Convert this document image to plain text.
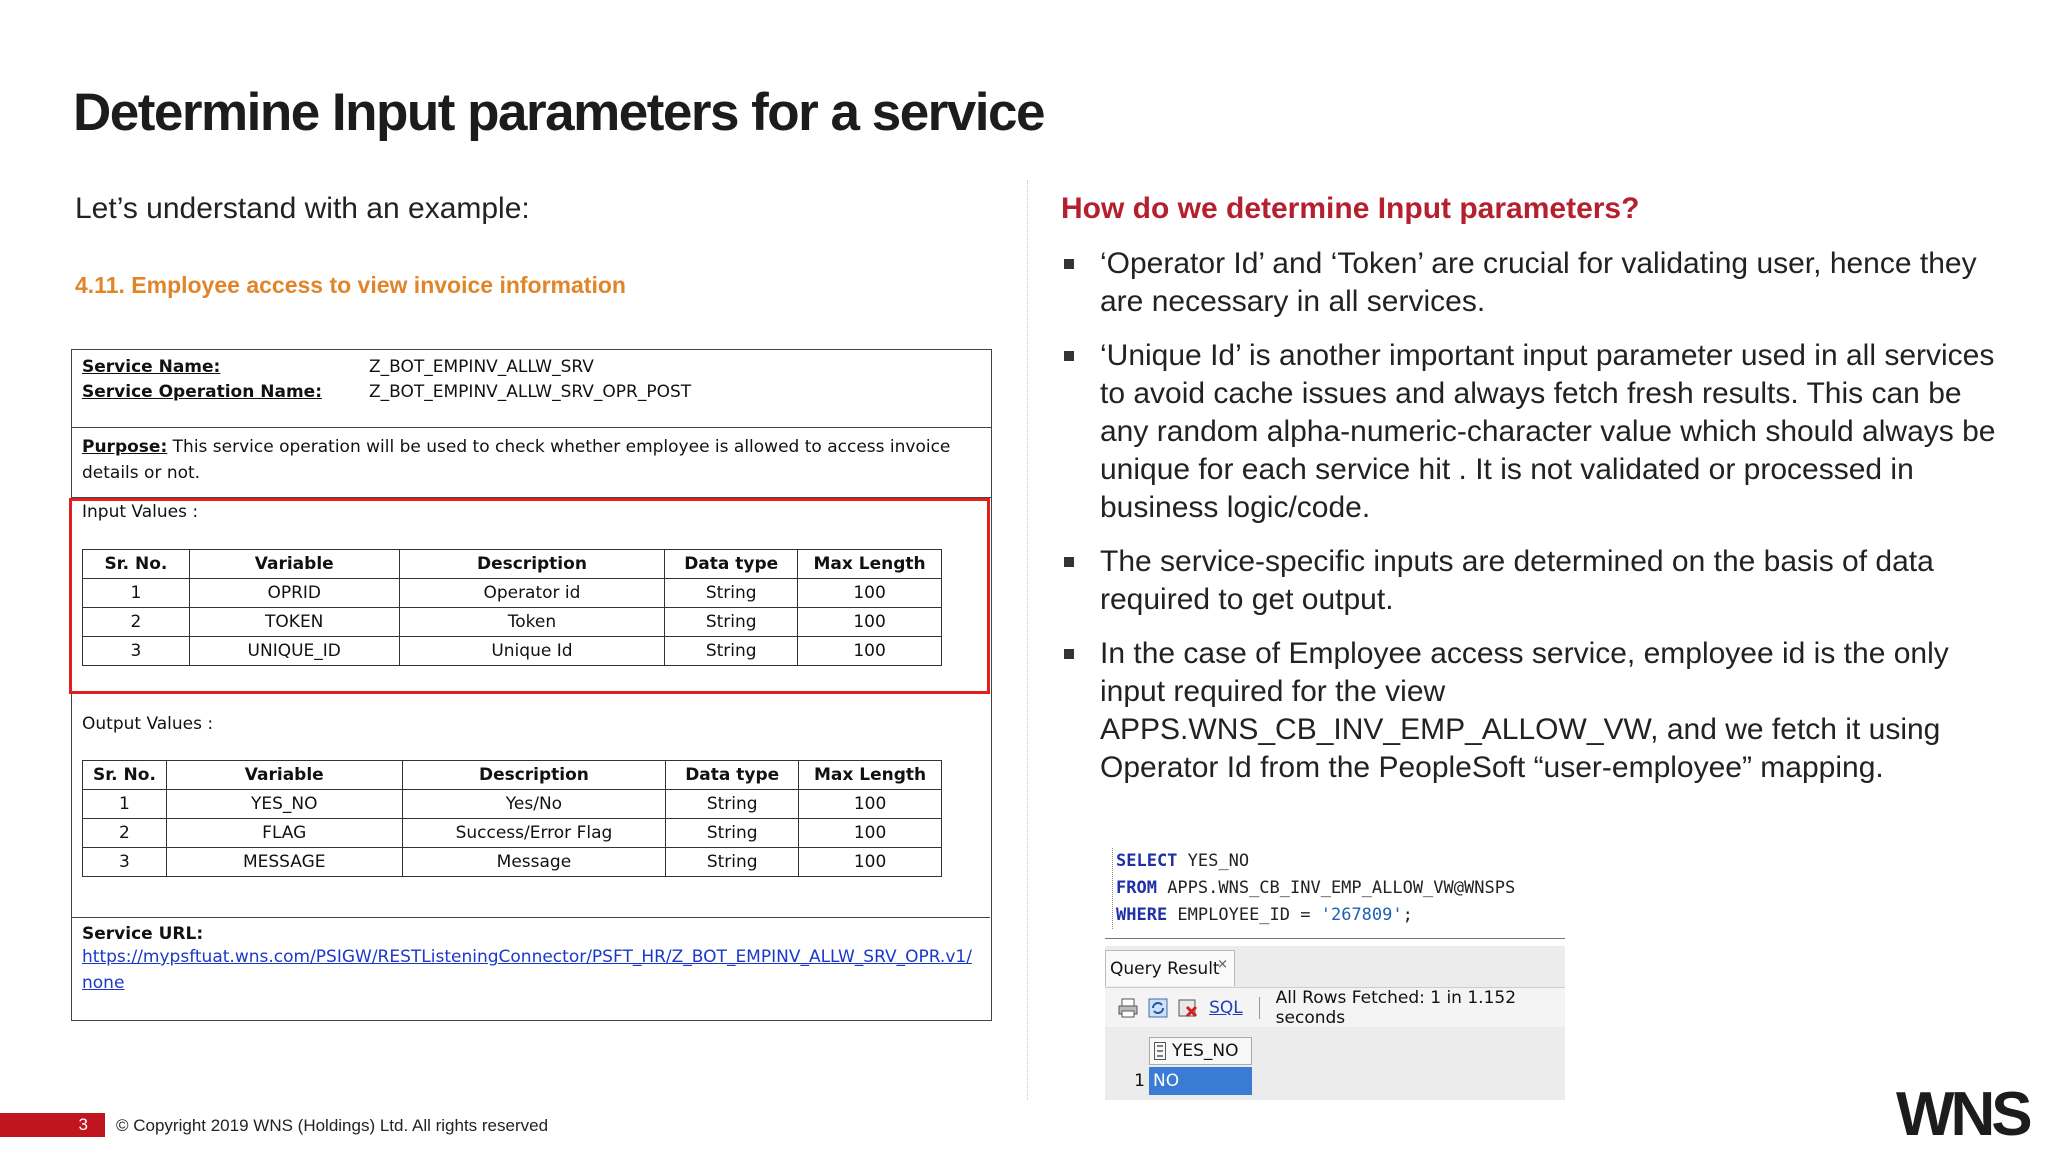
Determine Input parameters for a service
Let’s understand with an example:
4.11. Employee access to view invoice information
Service Name:	Z_BOT_EMPINV_ALLW_SRV
Service Operation Name:	Z_BOT_EMPINV_ALLW_SRV_OPR_POST
Purpose: This service operation will be used to check whether employee is allowed to access invoice details or not.
Input Values :
Sr. No.	Variable	Description	Data type	Max Length
1	OPRID	Operator id	String	100
2	TOKEN	Token	String	100
3	UNIQUE_ID	Unique Id	String	100
Output Values :
Sr. No.	Variable	Description	Data type	Max Length
1	YES_NO	Yes/No	String	100
2	FLAG	Success/Error Flag	String	100
3	MESSAGE	Message	String	100
Service URL:
https://mypsftuat.wns.com/PSIGW/RESTListeningConnector/PSFT_HR/Z_BOT_EMPINV_ALLW_SRV_OPR.v1/none
How do we determine Input parameters?
‘Operator Id’ and ‘Token’ are crucial for validating user, hence they are necessary in all services.
‘Unique Id’ is another important input parameter used in all services to avoid cache issues and always fetch fresh results. This can be any random alpha-numeric-character value which should always be unique for each service hit . It is not validated or processed in business logic/code.
The service-specific inputs are determined on the basis of data required to get output.
In the case of Employee access service, employee id is the only input required for the view APPS.WNS_CB_INV_EMP_ALLOW_VW, and we fetch it using Operator Id from the PeopleSoft “user-employee” mapping.
SELECT YES_NO
FROM APPS.WNS_CB_INV_EMP_ALLOW_VW@WNSPS
WHERE EMPLOYEE_ID = '267809';
Query Result
×
SQL All Rows Fetched: 1 in 1.152 seconds
YES_NO
1 NO
3 © Copyright 2019 WNS (Holdings) Ltd. All rights reserved	WNS
